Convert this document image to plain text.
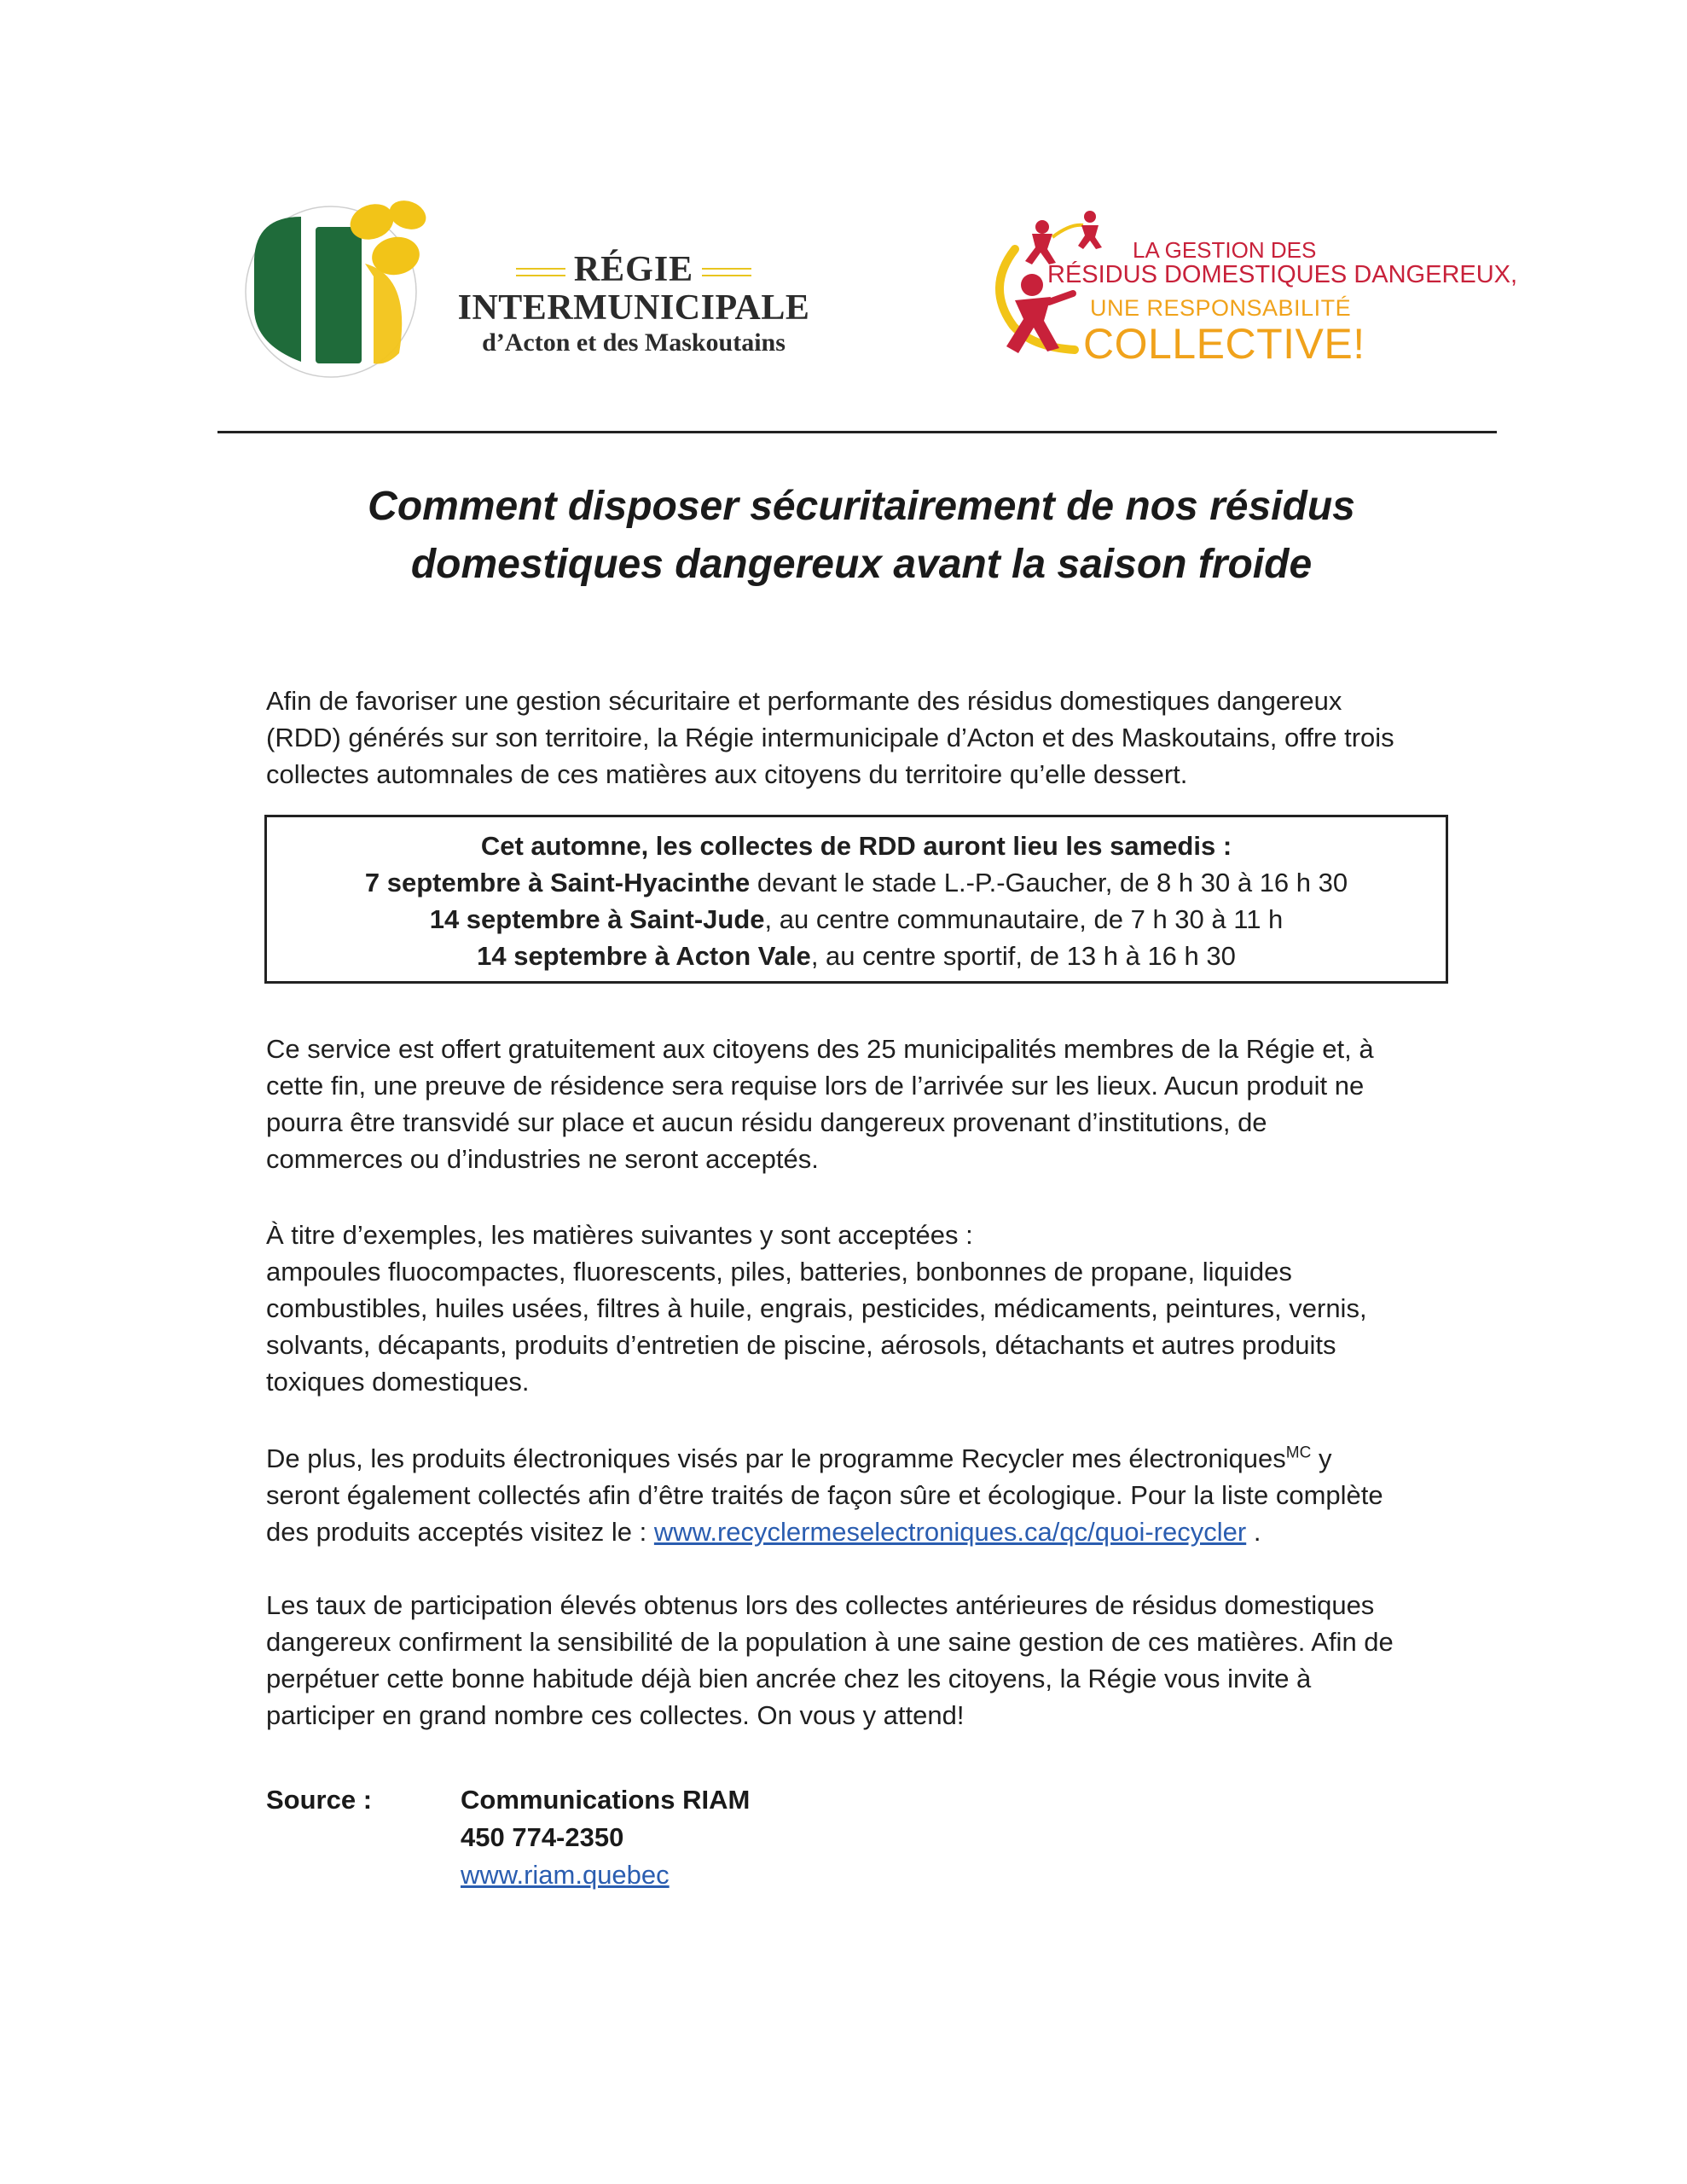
RÉGIE
INTERMUNICIPALE
d’Acton et des Maskoutains
LA GESTION DES
RÉSIDUS DOMESTIQUES DANGEREUX,
UNE RESPONSABILITÉ
COLLECTIVE!
Comment disposer sécuritairement de nos résidus
domestiques dangereux avant la saison froide
Afin de favoriser une gestion sécuritaire et performante des résidus domestiques dangereux
(RDD) générés sur son territoire, la Régie intermunicipale d’Acton et des Maskoutains, offre trois
collectes automnales de ces matières aux citoyens du territoire qu’elle dessert.
Cet automne, les collectes de RDD auront lieu les samedis :
7 septembre à Saint-Hyacinthe devant le stade L.-P.-Gaucher, de 8 h 30 à 16 h 30
14 septembre à Saint-Jude, au centre communautaire, de 7 h 30 à 11 h
14 septembre à Acton Vale, au centre sportif, de 13 h à 16 h 30
Ce service est offert gratuitement aux citoyens des 25 municipalités membres de la Régie et, à
cette fin, une preuve de résidence sera requise lors de l’arrivée sur les lieux. Aucun produit ne
pourra être transvidé sur place et aucun résidu dangereux provenant d’institutions, de
commerces ou d’industries ne seront acceptés.
À titre d’exemples, les matières suivantes y sont acceptées :
ampoules fluocompactes, fluorescents, piles, batteries, bonbonnes de propane, liquides
combustibles, huiles usées, filtres à huile, engrais, pesticides, médicaments, peintures, vernis,
solvants, décapants, produits d’entretien de piscine, aérosols, détachants et autres produits
toxiques domestiques.
De plus, les produits électroniques visés par le programme Recycler mes électroniques$^{MC}$ y
seront également collectés afin d’être traités de façon sûre et écologique. Pour la liste complète
des produits acceptés visitez le : www.recyclermeselectroniques.ca/qc/quoi-recycler .
Les taux de participation élevés obtenus lors des collectes antérieures de résidus domestiques
dangereux confirment la sensibilité de la population à une saine gestion de ces matières. Afin de
perpétuer cette bonne habitude déjà bien ancrée chez les citoyens, la Régie vous invite à
participer en grand nombre ces collectes. On vous y attend!
Source :	Communications RIAM
450 774-2350
www.riam.quebec
